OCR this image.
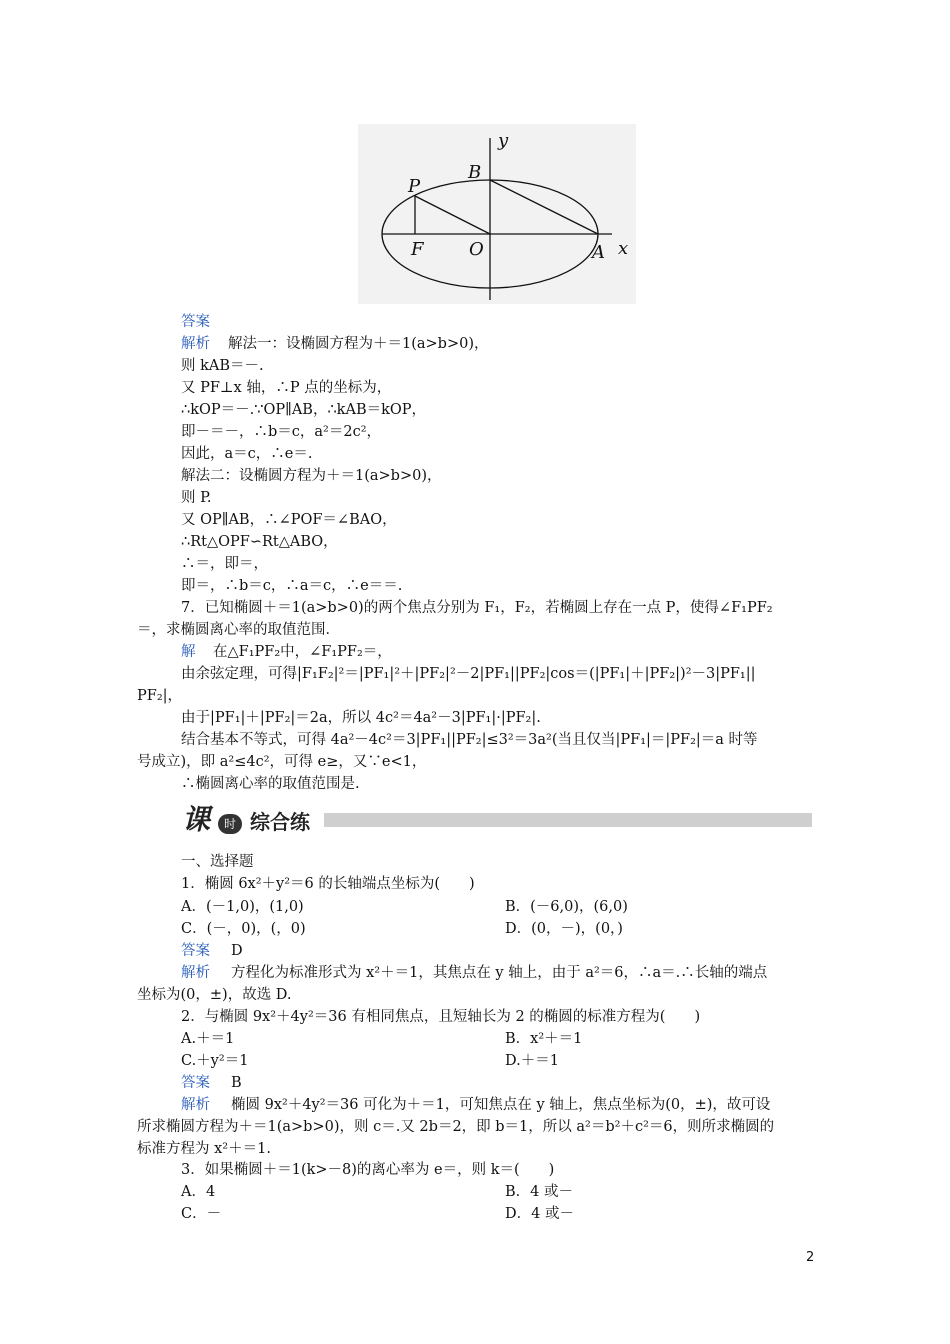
y
B
P
F	O	A x
答案
解析 解法一：设椭圆方程为＋＝1(a>b>0)，
则 kAB＝－.
又 PF⊥x 轴，∴P 点的坐标为，
∴kOP＝－.∵OP∥AB，∴kAB＝kOP，
即－＝－，∴b＝c，a²＝2c²，
因此，a＝c，∴e＝.
解法二：设椭圆方程为＋＝1(a>b>0)，
则 P.
又 OP∥AB，∴∠POF＝∠BAO，
∴Rt△OPF∽Rt△ABO，
∴＝，即＝，
即＝，∴b＝c，∴a＝c，∴e＝＝.
7．已知椭圆＋＝1(a>b>0)的两个焦点分别为 F₁，F₂，若椭圆上存在一点 P，使得∠F₁PF₂
＝，求椭圆离心率的取值范围．
解 在△F₁PF₂中，∠F₁PF₂＝，
由余弦定理，可得|F₁F₂|²＝|PF₁|²＋|PF₂|²－2|PF₁||PF₂|cos＝(|PF₁|＋|PF₂|)²－3|PF₁||
PF₂|，
由于|PF₁|＋|PF₂|＝2a，所以 4c²＝4a²－3|PF₁|·|PF₂|.
结合基本不等式，可得 4a²－4c²＝3|PF₁||PF₂|≤3²＝3a²(当且仅当|PF₁|＝|PF₂|＝a 时等
号成立)，即 a²≤4c²，可得 e≥，又∵e<1，
∴椭圆离心率的取值范围是.
课	时 综合练
一、选择题
1．椭圆 6x²＋y²＝6 的长轴端点坐标为(　　)
A．(－1,0)，(1,0)	B．(－6,0)，(6,0)
C．(－，0)，(，0)	D．(0，－)，(0，)
答案 D
解析 方程化为标准形式为 x²＋＝1，其焦点在 y 轴上，由于 a²＝6，∴a＝.∴长轴的端点
坐标为(0，±)，故选 D.
2．与椭圆 9x²＋4y²＝36 有相同焦点，且短轴长为 2 的椭圆的标准方程为(　　)
A.＋＝1	B．x²＋＝1
C.＋y²＝1	D.＋＝1
答案 B
解析 椭圆 9x²＋4y²＝36 可化为＋＝1，可知焦点在 y 轴上，焦点坐标为(0，±)，故可设
所求椭圆方程为＋＝1(a>b>0)，则 c＝.又 2b＝2，即 b＝1，所以 a²＝b²＋c²＝6，则所求椭圆的
标准方程为 x²＋＝1.
3．如果椭圆＋＝1(k>－8)的离心率为 e＝，则 k＝(　　)
A．4	B．4 或－
C．－	D．4 或－
2
